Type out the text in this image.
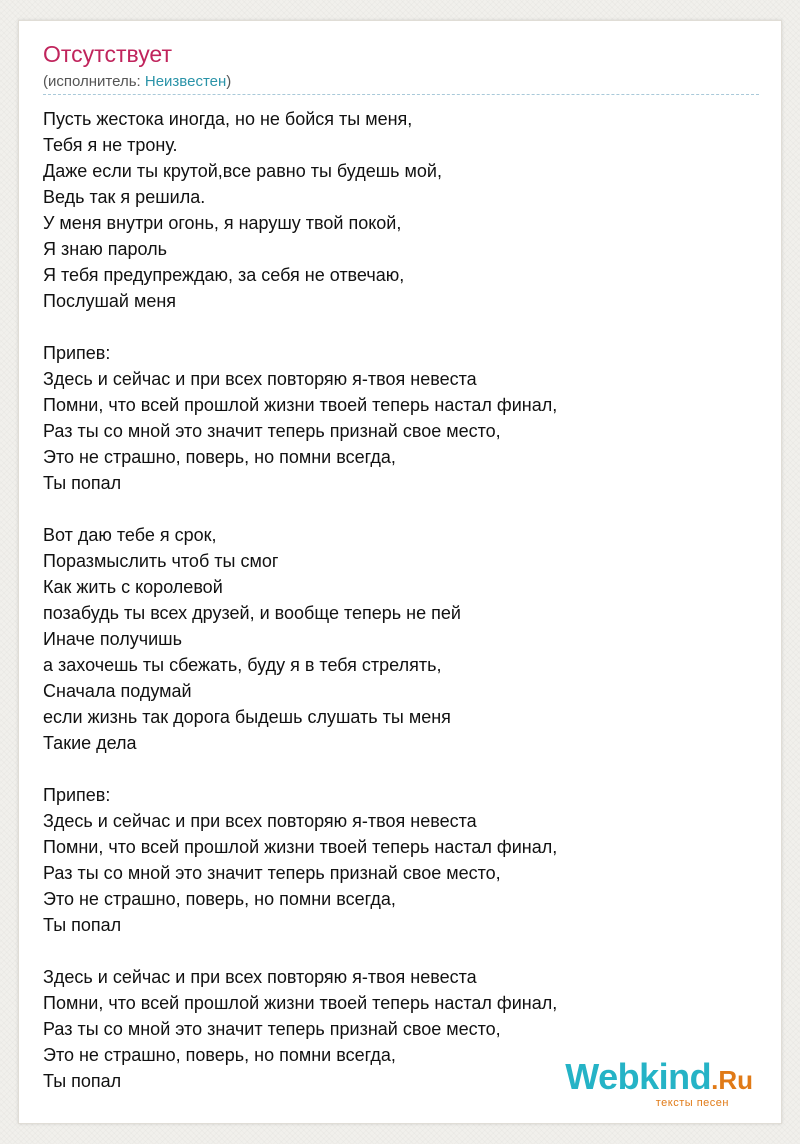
Отсутствует
(исполнитель: Неизвестен)
Пусть жестока иногда, но не бойся ты меня,
Тебя я не трону.
Даже если ты крутой,все равно ты будешь мой,
Ведь так я решила.
У меня внутри огонь, я нарушу твой покой,
Я знаю пароль
Я тебя предупреждаю, за себя не отвечаю,
Послушай меня
Припев:
Здесь и сейчас и при всех повторяю я-твоя невеста
Помни, что всей прошлой жизни твоей теперь настал финал,
Раз ты со мной это значит теперь признай свое место,
Это не страшно, поверь, но помни всегда,
Ты попал
Вот даю тебе я срок,
Поразмыслить чтоб ты смог
Как жить с королевой
позабудь ты всех друзей, и вообще теперь не пей
Иначе получишь
а захочешь ты сбежать, буду я в тебя стрелять,
Сначала подумай
если жизнь так дорога быдешь слушать ты меня
Такие дела
Припев:
Здесь и сейчас и при всех повторяю я-твоя невеста
Помни, что всей прошлой жизни твоей теперь настал финал,
Раз ты со мной это значит теперь признай свое место,
Это не страшно, поверь, но помни всегда,
Ты попал
Здесь и сейчас и при всех повторяю я-твоя невеста
Помни, что всей прошлой жизни твоей теперь настал финал,
Раз ты со мной это значит теперь признай свое место,
Это не страшно, поверь, но помни всегда,
Ты попал	Webkind.Ru
тексты песен
